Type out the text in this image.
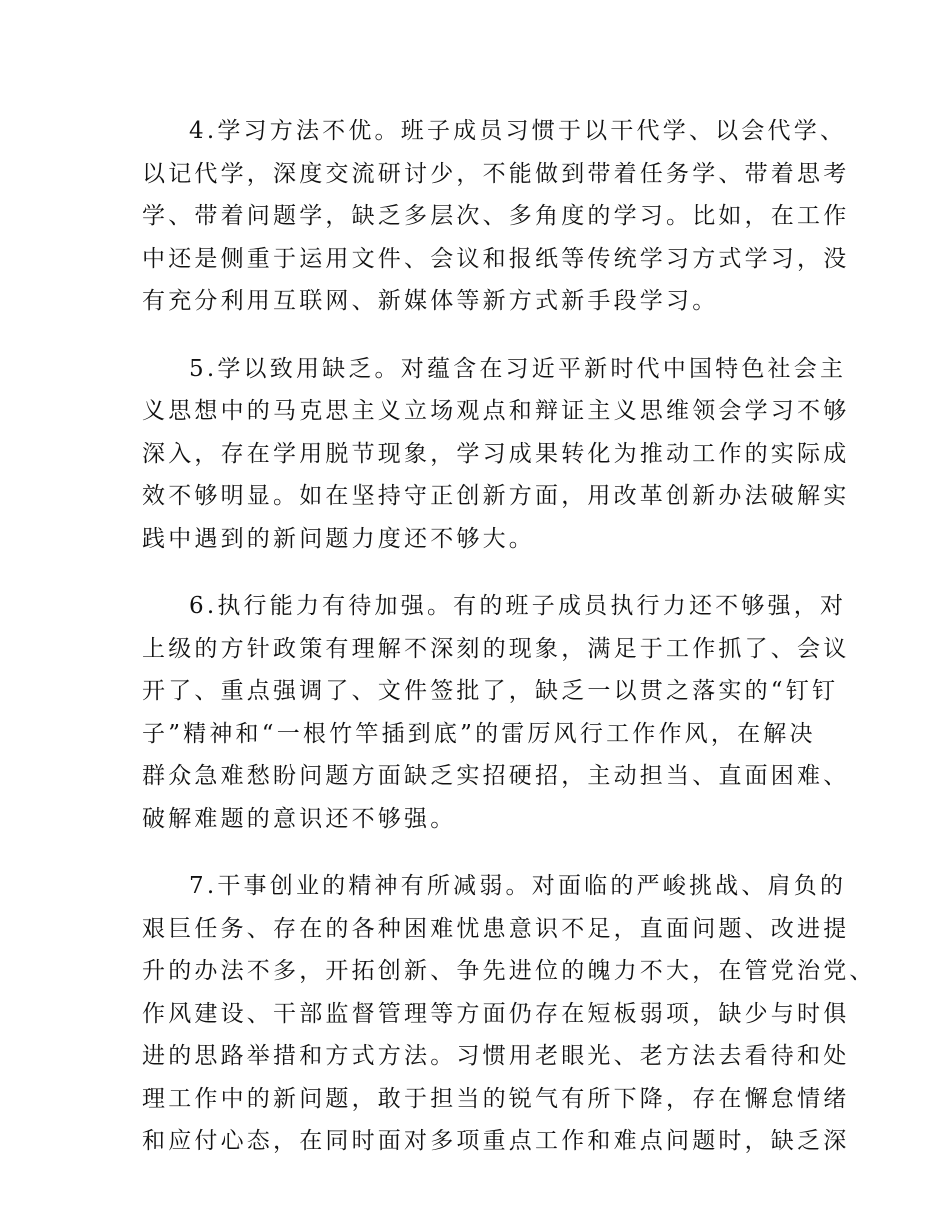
4.学习方法不优。班子成员习惯于以干代学、以会代学、
以记代学，深度交流研讨少，不能做到带着任务学、带着思考
学、带着问题学，缺乏多层次、多角度的学习。比如，在工作
中还是侧重于运用文件、会议和报纸等传统学习方式学习，没
有充分利用互联网、新媒体等新方式新手段学习。

5.学以致用缺乏。对蕴含在习近平新时代中国特色社会主
义思想中的马克思主义立场观点和辩证主义思维领会学习不够
深入，存在学用脱节现象，学习成果转化为推动工作的实际成
效不够明显。如在坚持守正创新方面，用改革创新办法破解实
践中遇到的新问题力度还不够大。

6.执行能力有待加强。有的班子成员执行力还不够强，对
上级的方针政策有理解不深刻的现象，满足于工作抓了、会议
开了、重点强调了、文件签批了，缺乏一以贯之落实的“钉钉
子”精神和“一根竹竿插到底”的雷厉风行工作作风，在解决
群众急难愁盼问题方面缺乏实招硬招，主动担当、直面困难、
破解难题的意识还不够强。

7.干事创业的精神有所减弱。对面临的严峻挑战、肩负的
艰巨任务、存在的各种困难忧患意识不足，直面问题、改进提
升的办法不多，开拓创新、争先进位的魄力不大，在管党治党、
作风建设、干部监督管理等方面仍存在短板弱项，缺少与时俱
进的思路举措和方式方法。习惯用老眼光、老方法去看待和处
理工作中的新问题，敢于担当的锐气有所下降，存在懈怠情绪
和应付心态，在同时面对多项重点工作和难点问题时，缺乏深
